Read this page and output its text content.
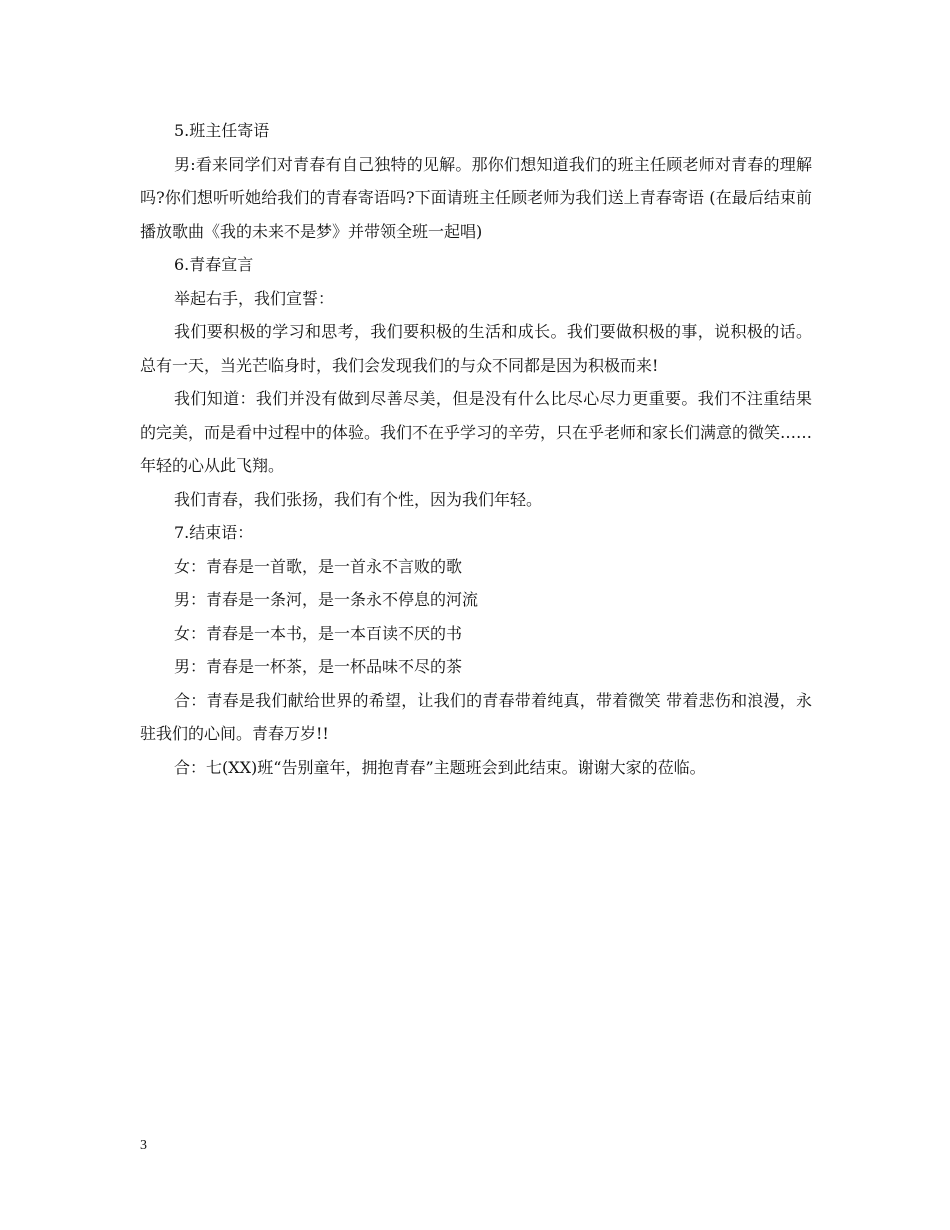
5.班主任寄语

男:看来同学们对青春有自己独特的见解。那你们想知道我们的班主任顾老师对青春的理解吗?你们想听听她给我们的青春寄语吗?下面请班主任顾老师为我们送上青春寄语 (在最后结束前播放歌曲《我的未来不是梦》并带领全班一起唱)

6.青春宣言

举起右手，我们宣誓：

我们要积极的学习和思考，我们要积极的生活和成长。我们要做积极的事，说积极的话。总有一天，当光芒临身时，我们会发现我们的与众不同都是因为积极而来!

我们知道：我们并没有做到尽善尽美，但是没有什么比尽心尽力更重要。我们不注重结果的完美，而是看中过程中的体验。我们不在乎学习的辛劳，只在乎老师和家长们满意的微笑……年轻的心从此飞翔。

我们青春，我们张扬，我们有个性，因为我们年轻。

7.结束语：

女：青春是一首歌，是一首永不言败的歌

男：青春是一条河，是一条永不停息的河流

女：青春是一本书，是一本百读不厌的书

男：青春是一杯茶，是一杯品味不尽的茶

合：青春是我们献给世界的希望，让我们的青春带着纯真，带着微笑 带着悲伤和浪漫，永驻我们的心间。青春万岁!!

合：七(XX)班“告别童年，拥抱青春”主题班会到此结束。谢谢大家的莅临。

3
